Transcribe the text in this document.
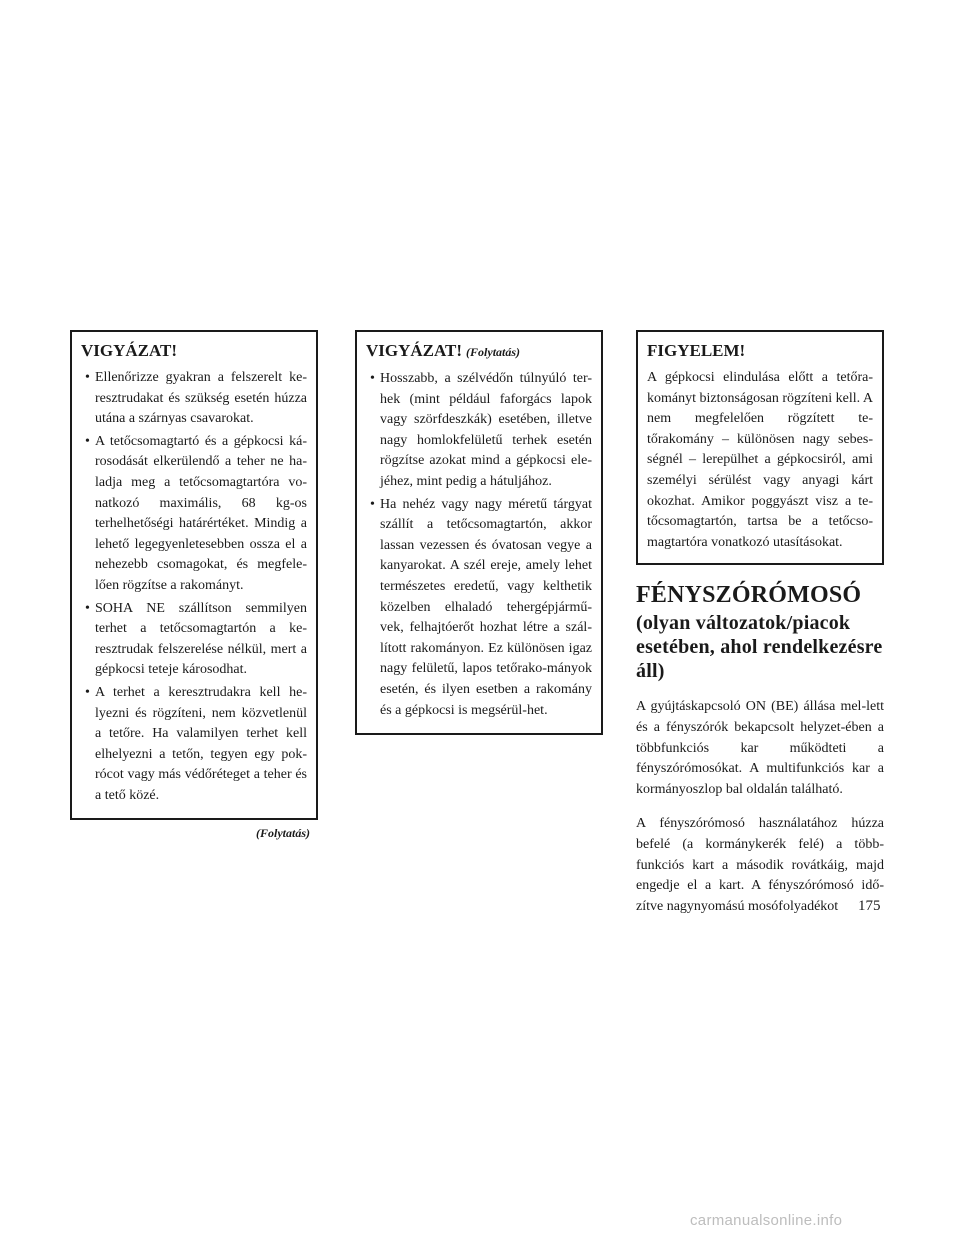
VIGYÁZAT!
• Ellenőrizze gyakran a felszerelt ke-resztrudakat és szükség esetén húzza utána a szárnyas csavarokat.
• A tetőcsomagtartó és a gépkocsi ká-rosodását elkerülendő a teher ne ha-ladja meg a tetőcsomagtartóra vo-natkozó maximális, 68 kg-os terhelhetőségi határértéket. Mindig a lehető legegyenletesebben ossza el a nehezebb csomagokat, és megfele-lően rögzítse a rakományt.
• SOHA NE szállítson semmilyen terhet a tetőcsomagtartón a ke-resztrudak felszerelése nélkül, mert a gépkocsi teteje károsodhat.
• A terhet a keresztrudakra kell he-lyezni és rögzíteni, nem közvetlenül a tetőre. Ha valamilyen terhet kell elhelyezni a tetőn, tegyen egy pok-rócot vagy más védőréteget a teher és a tető közé.
(Folytatás)
VIGYÁZAT! (Folytatás)
• Hosszabb, a szélvédőn túlnyúló ter-hek (mint például faforgács lapok vagy szörfdeszkák) esetében, illetve nagy homlokfelületű terhek esetén rögzítse azokat mind a gépkocsi ele-jéhez, mint pedig a hátuljához.
• Ha nehéz vagy nagy méretű tárgyat szállít a tetőcsomagtartón, akkor lassan vezessen és óvatosan vegye a kanyarokat. A szél ereje, amely lehet természetes eredetű, vagy kelthetik közelben elhaladó tehergépjármű-vek, felhajtóerőt hozhat létre a szál-lított rakományon. Ez különösen igaz nagy felületű, lapos tetőrako-mányok esetén, és ilyen esetben a rakomány és a gépkocsi is megsérül-het.
FIGYELEM!

A gépkocsi elindulása előtt a tetőra-kományt biztonságosan rögzíteni kell. A nem megfelelően rögzített te-tőrakomány – különösen nagy sebes-ségnél – lerepülhet a gépkocsiról, ami személyi sérülést vagy anyagi kárt okozhat. Amikor poggyászt visz a te-tőcsomagtartón, tartsa be a tetőcso-magtartóra vonatkozó utasításokat.

FÉNYSZÓRÓMOSÓ
(olyan változatok/piacok esetében, ahol rendelkezésre áll)

A gyújtáskapcsoló ON (BE) állása mel-lett és a fényszórók bekapcsolt helyzet-ében a többfunkciós kar működteti a fényszórómosókat. A multifunkciós kar a kormányoszlop bal oldalán található.

A fényszórómosó használatához húzza befelé (a kormánykerék felé) a több-funkciós kart a második rovátkáig, majd engedje el a kart. A fényszórómosó idő-zítve nagynyomású mosófolyadékot	175
carmanualsonline.info
